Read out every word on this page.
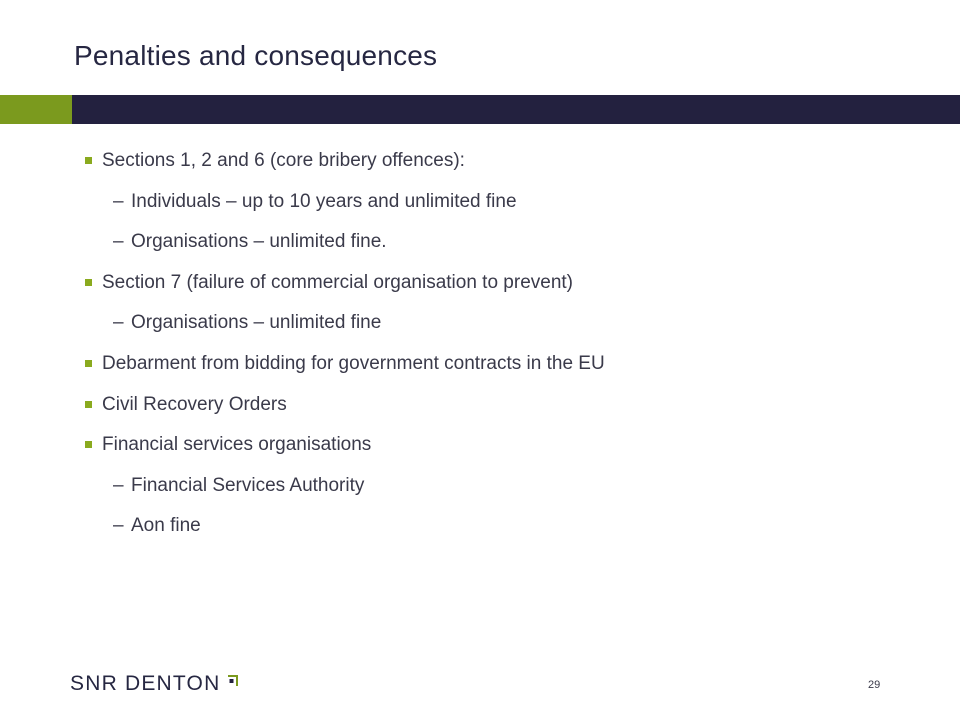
Penalties and consequences
Sections 1, 2 and 6 (core bribery offences):
– Individuals – up to 10 years and unlimited fine
– Organisations – unlimited fine.
Section 7 (failure of commercial organisation to prevent)
– Organisations – unlimited fine
Debarment from bidding for government contracts in the EU
Civil Recovery Orders
Financial services organisations
– Financial Services Authority
– Aon fine
SNR DENTON	29
